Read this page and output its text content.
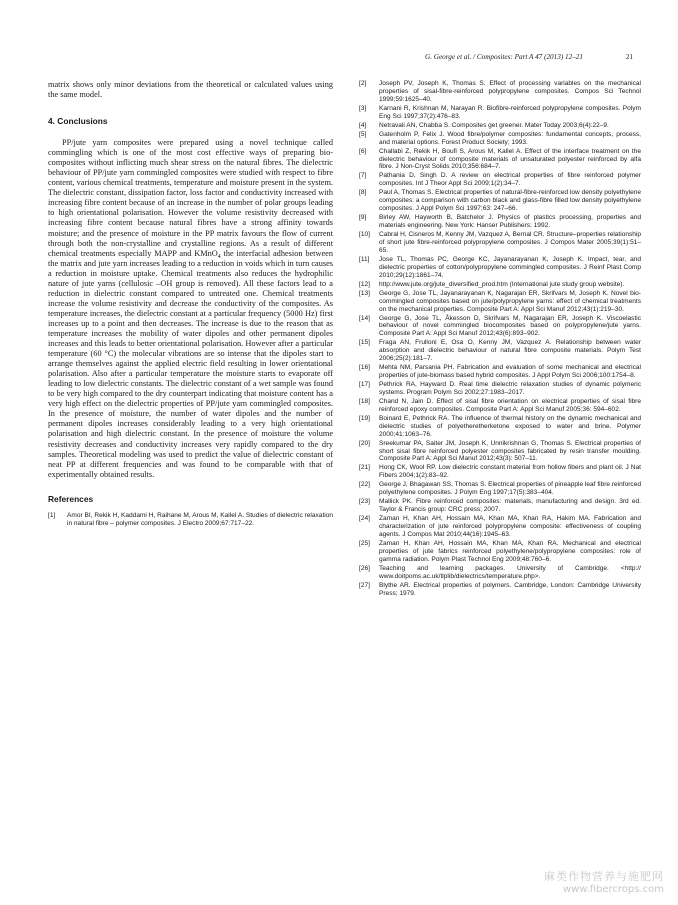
G. George et al. / Composites: Part A 47 (2013) 12–21	21

matrix shows only minor deviations from the theoretical or calculated values using the same model.

4. Conclusions

PP/jute yarn composites were prepared using a novel technique called commingling which is one of the most cost effective ways of preparing bio-composites without inflicting much shear stress on the natural fibres. The dielectric behaviour of PP/jute yarn commingled composites were studied with respect to fibre content, various chemical treatments, temperature and moisture present in the system. The dielectric constant, dissipation factor, loss factor and conductivity increased with increasing fibre content because of an increase in the number of polar groups leading to high orientational polarisation. However the volume resistivity decreased with increasing fibre content because natural fibres have a strong affinity towards moisture; and the presence of moisture in the PP matrix favours the flow of current through both the non-crystalline and crystalline regions. As a result of different chemical treatments especially MAPP and KMnO$_4$ the interfacial adhesion between the matrix and jute yarn increases leading to a reduction in voids which in turn causes a reduction in moisture uptake. Chemical treatments also reduces the hydrophilic nature of jute yarns (cellulosic –OH group is removed). All these factors lead to a reduction in dielectric constant compared to untreated one. Chemical treatments increase the volume resistivity and decrease the conductivity of the composites. As temperature increases, the dielectric constant at a particular frequency (5000 Hz) first increases up to a point and then decreases. The increase is due to the reason that as temperature increases the mobility of water dipoles and other permanent dipoles increases and this leads to better orientational polarisation. However after a particular temperature (60 °C) the molecular vibrations are so intense that the dipoles start to arrange themselves against the applied electric field resulting in lower orientational polarisation. Also after a particular temperature the moisture starts to evaporate off leading to low dielectric constants. The dielectric constant of a wet sample was found to be very high compared to the dry counterpart indicating that moisture content has a very high effect on the dielectric properties of PP/jute yarn commingled composites. In the presence of moisture, the number of water dipoles and the number of permanent dipoles increases considerably leading to a very high orientational polarisation and high dielectric constant. In the presence of moisture the volume resistivity decreases and conductivity increases very rapidly compared to the dry samples. Theoretical modeling was used to predict the value of dielectric constant of neat PP at different frequencies and was found to be comparable with that of experimentally obtained results.

References
[1] Amor BI, Rekik H, Kaddami H, Raihane M, Arous M, Kallel A. Studies of dielectric relaxation in natural fibre – polymer composites. J Electro 2009;67:717–22.
[2] Joseph PV, Joseph K, Thomas S. Effect of processing variables on the mechanical properties of sisal-fibre-reinforced polypropylene composites. Compos Sci Technol 1999;59:1625–40.
[3] Karnani R, Krishnan M, Narayan R. Biofibre-reinforced polypropylene composites. Polym Eng Sci 1997;37(2):476–83.
[4] Netravali AN, Chabba S. Composites get greener. Mater Today 2003;6(4):22–9.
[5] Gatenholm P, Felix J. Wood fibre/polymer composites: fundamental concepts, process, and material options. Forest Product Society; 1993.
[6] Challabi Z, Rekik H, Boufi S, Arous M, Kallel A. Effect of the interface treatment on the dielectric behaviour of composite materials of unsaturated polyester reinforced by alfa fibre. J Non-Cryst Solids 2010;356:684–7.
[7] Pathania D, Singh D. A review on electrical properties of fibre reinforced polymer composites. Int J Theor Appl Sci 2009;1(2):34–7.
[8] Paul A, Thomas S. Electrical properties of natural-fibre-reinforced low density polyethylene composites: a comparison with carbon black and glass-fibre filled low density polyethylene composites. J Appl Polym Sci 1997;63: 247–66.
[9] Birley AW, Hayworth B, Batchelor J. Physics of plastics processing, properties and materials engineering. New York: Hanser Publishers; 1992.
[10] Cabral H, Cisneros M, Kenny JM, Vazquez A, Bernal CR. Structure–properties relationship of short jute fibre-reinforced polypropylene composites. J Compos Mater 2005;39(1):51–65.
[11] Jose TL, Thomas PC, George KC, Jayanarayanan K, Joseph K. Impact, tear, and dielectric properties of cotton/polypropylene commingled composites. J Reinf Plast Comp 2010;29(12):1861–74.
[12] http://www.jute.org/jute_diversified_prod.htm (International jute study group website).
[13] George G, Jose TL, Jayanarayanan K, Nagarajan ER, Skrifvars M, Joseph K. Novel bio-commingled composites based on jute/polypropylene yarns: effect of chemical treatments on the mechanical properties. Composite Part A: Appl Sci Manuf 2012;43(1):219–30.
[14] George G, Jose TL, Åkesson D, Skrifvars M, Nagarajan ER, Joseph K. Viscoelastic behaviour of novel commingled biocomposites based on polypropylene/jute yarns. Composite Part A: Appl Sci Manuf 2012;43(6):893–902.
[15] Fraga AN, Frulloni E, Osa O, Kenny JM, Vazquez A. Relationship between water absorption and dielectric behaviour of natural fibre composite materials. Polym Test 2006;25(2):181–7.
[16] Mehta NM, Parsania PH. Fabrication and evaluation of some mechanical and electrical properties of jute-biomass based hybrid composites. J Appl Polym Sci 2006;100:1754–8.
[17] Pethrick RA, Hayward D. Real time dielectric relaxation studies of dynamic polymeric systems. Program Polym Sci 2002;27:1983–2017.
[18] Chand N, Jain D. Effect of sisal fibre orientation on electrical properties of sisal fibre reinforced epoxy composites. Composite Part A: Appl Sci Manuf 2005;36: 594–602.
[19] Boinard E, Pethrick RA. The influence of thermal history on the dynamic mechanical and dielectric studies of polyetheretherketone exposed to water and brine. Polymer 2000;41:1063–76.
[20] Sreekumar PA, Saiter JM, Joseph K, Unnikrishnan G, Thomas S. Electrical properties of short sisal fibre reinforced polyester composites fabricated by resin transfer moulding. Composite Part A: Appl Sci Manuf 2012;43(3): 507–11.
[21] Hong CK, Wool RP. Low dielectric constant material from hollow fibers and plant oil. J Nat Fibers 2004;1(2):83–92.
[22] George J, Bhagawan SS, Thomas S. Electrical properties of pineapple leaf fibre reinforced polyethylene composites. J Polym Eng 1997;17(5):383–404.
[23] Mallick PK. Fibre reinforced composites: materials, manufacturing and design. 3rd ed. Taylor & Francis group: CRC press; 2007.
[24] Zaman H, Khan AH, Hossain MA, Khan MA, Khan RA, Hakim MA. Fabrication and characterization of jute reinforced polypropylene composite: effectiveness of coupling agents. J Compos Mat 2010;44(16):1945–63.
[25] Zaman H, Khan AH, Hossain MA, Khan MA, Khan RA. Mechanical and electrical properties of jute fabrics reinforced polyethylene/polypropylene composites: role of gamma radiation. Polym Plast Technol Eng 2009;48:760–6.
[26] Teaching and learning packages. University of Cambridge. <http:// www.doitpoms.ac.uk/tlplib/dielectrics/temperature.php>.
[27] Blythe AR. Electrical properties of polymers. Cambridge, London: Cambridge University Press; 1979.
麻类作物营养与施肥网
www.fibercrops.com
